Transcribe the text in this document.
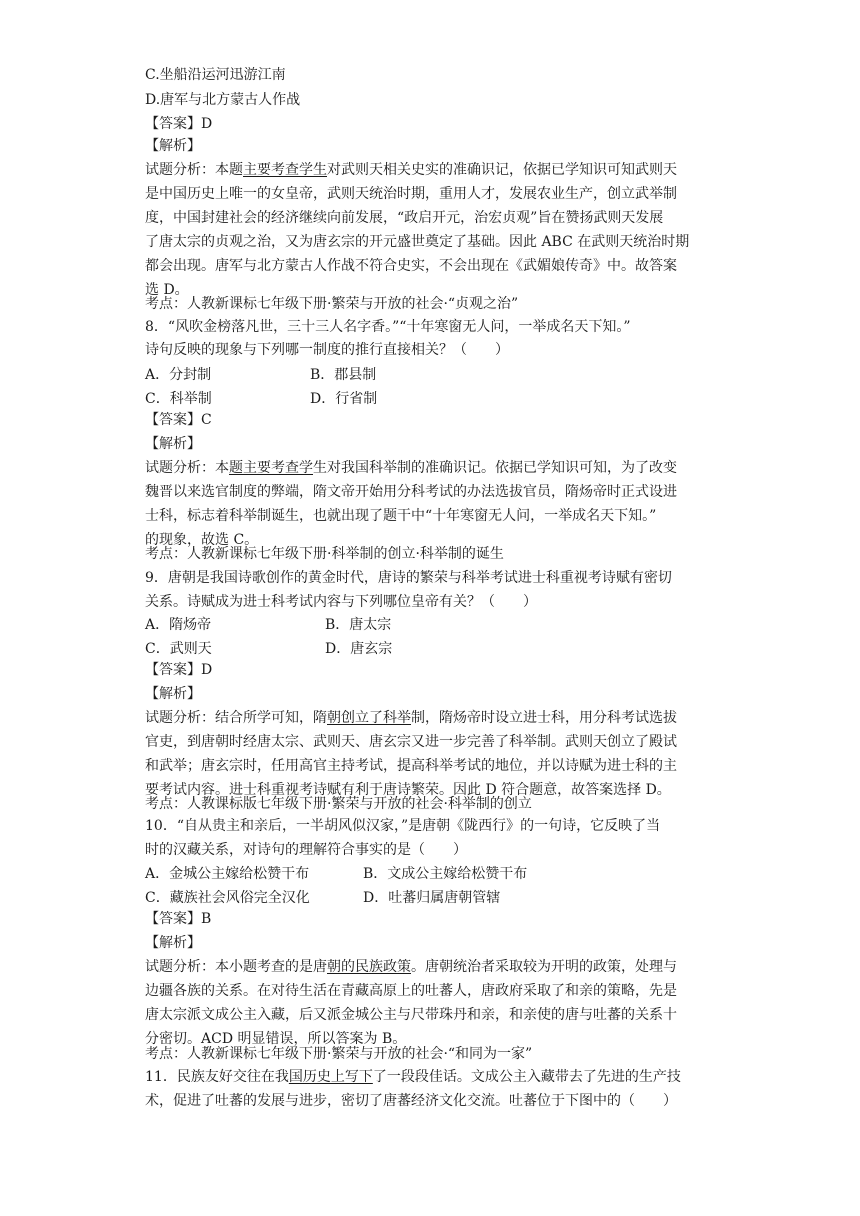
C.坐船沿运河迅游江南
D.唐军与北方蒙古人作战
【答案】D
【解析】
试题分析：本题主要考查学生对武则天相关史实的准确识记，依据已学知识可知武则天
是中国历史上唯一的女皇帝，武则天统治时期，重用人才，发展农业生产，创立武举制
度，中国封建社会的经济继续向前发展，“政启开元，治宏贞观”旨在赞扬武则天发展
了唐太宗的贞观之治，又为唐玄宗的开元盛世奠定了基础。因此 ABC 在武则天统治时期
都会出现。唐军与北方蒙古人作战不符合史实，不会出现在《武媚娘传奇》中。故答案
选 D。
考点：人教新课标七年级下册·繁荣与开放的社会·“贞观之治”
8．“风吹金榜落凡世，三十三人名字香。”“十年寒窗无人问，一举成名天下知。”
诗句反映的现象与下列哪一制度的推行直接相关？（　　）
A．分封制	B．郡县制
C．科举制	D．行省制
【答案】C
【解析】
试题分析：本题主要考查学生对我国科举制的准确识记。依据已学知识可知，为了改变
魏晋以来选官制度的弊端，隋文帝开始用分科考试的办法选拔官员，隋炀帝时正式设进
士科，标志着科举制诞生，也就出现了题干中“十年寒窗无人问，一举成名天下知。”
的现象，故选 C。
考点：人教新课标七年级下册·科举制的创立·科举制的诞生
9．唐朝是我国诗歌创作的黄金时代，唐诗的繁荣与科举考试进士科重视考诗赋有密切
关系。诗赋成为进士科考试内容与下列哪位皇帝有关？（　　）
A．隋炀帝	B．唐太宗
C．武则天	D．唐玄宗
【答案】D
【解析】
试题分析：结合所学可知，隋朝创立了科举制，隋炀帝时设立进士科，用分科考试选拔
官吏，到唐朝时经唐太宗、武则天、唐玄宗又进一步完善了科举制。武则天创立了殿试
和武举；唐玄宗时，任用高官主持考试，提高科举考试的地位，并以诗赋为进士科的主
要考试内容。进士科重视考诗赋有利于唐诗繁荣。因此 D 符合题意，故答案选择 D。
考点：人教课标版七年级下册·繁荣与开放的社会·科举制的创立
10．“自从贵主和亲后，一半胡风似汉家，”是唐朝《陇西行》的一句诗，它反映了当
时的汉藏关系，对诗句的理解符合事实的是（　　）
A．金城公主嫁给松赞干布	B．文成公主嫁给松赞干布
C．藏族社会风俗完全汉化	D．吐蕃归属唐朝管辖
【答案】B
【解析】
试题分析：本小题考查的是唐朝的民族政策。唐朝统治者采取较为开明的政策，处理与
边疆各族的关系。在对待生活在青藏高原上的吐蕃人，唐政府采取了和亲的策略，先是
唐太宗派文成公主入藏，后又派金城公主与尺带珠丹和亲，和亲使的唐与吐蕃的关系十
分密切。ACD 明显错误，所以答案为 B。
考点：人教新课标七年级下册·繁荣与开放的社会·“和同为一家”
11．民族友好交往在我国历史上写下了一段段佳话。文成公主入藏带去了先进的生产技
术，促进了吐蕃的发展与进步，密切了唐蕃经济文化交流。吐蕃位于下图中的（　　）
